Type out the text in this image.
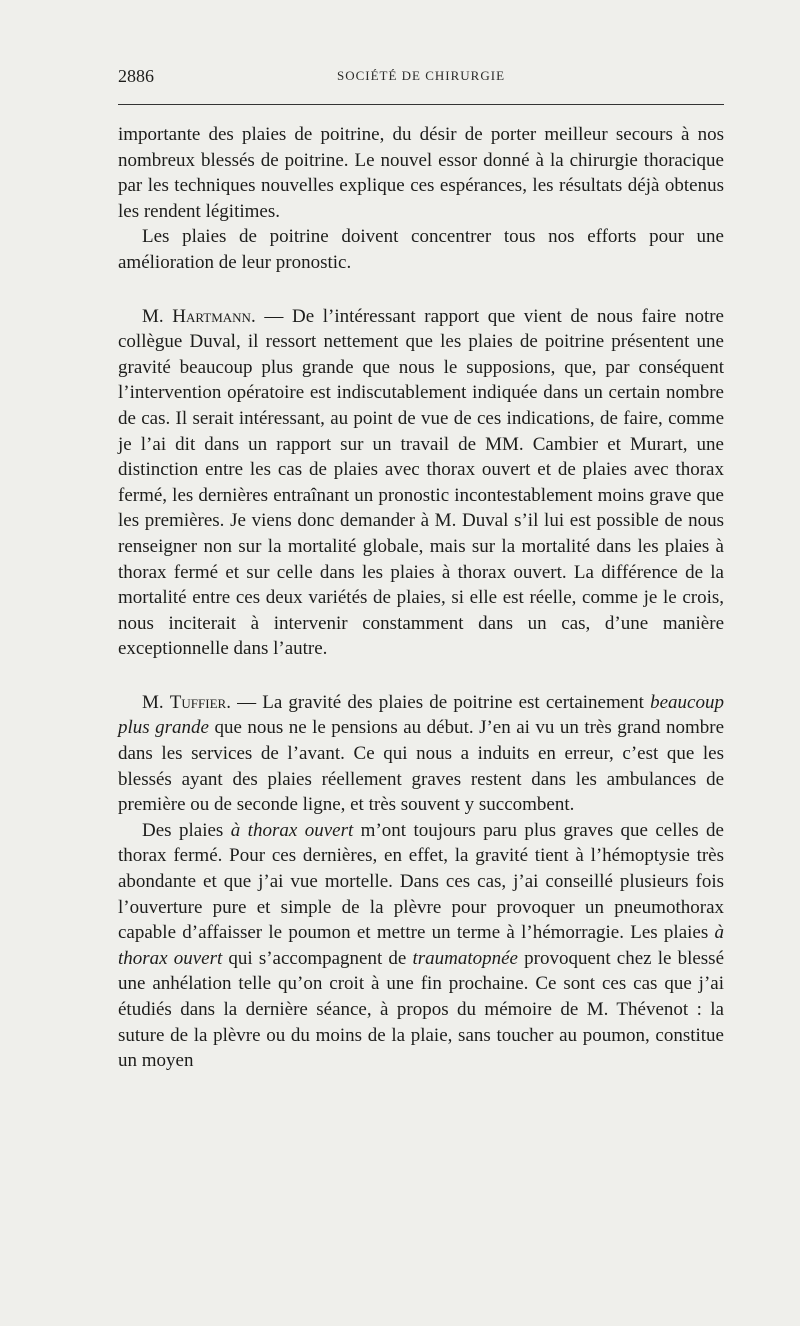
2886	SOCIÉTÉ DE CHIRURGIE

importante des plaies de poitrine, du désir de porter meilleur secours à nos nombreux blessés de poitrine. Le nouvel essor donné à la chirurgie thoracique par les techniques nouvelles explique ces espérances, les résultats déjà obtenus les rendent légitimes.

Les plaies de poitrine doivent concentrer tous nos efforts pour une amélioration de leur pronostic.

M. Hartmann. — De l’intéressant rapport que vient de nous faire notre collègue Duval, il ressort nettement que les plaies de poitrine présentent une gravité beaucoup plus grande que nous le supposions, que, par conséquent l’intervention opératoire est indiscutablement indiquée dans un certain nombre de cas. Il serait intéressant, au point de vue de ces indications, de faire, comme je l’ai dit dans un rapport sur un travail de MM. Cambier et Murart, une distinction entre les cas de plaies avec thorax ouvert et de plaies avec thorax fermé, les dernières entraînant un pronostic incontestablement moins grave que les premières. Je viens donc demander à M. Duval s’il lui est possible de nous renseigner non sur la mortalité globale, mais sur la mortalité dans les plaies à thorax fermé et sur celle dans les plaies à thorax ouvert. La différence de la mortalité entre ces deux variétés de plaies, si elle est réelle, comme je le crois, nous inciterait à intervenir constamment dans un cas, d’une manière exceptionnelle dans l’autre.

M. Tuffier. — La gravité des plaies de poitrine est certainement beaucoup plus grande que nous ne le pensions au début. J’en ai vu un très grand nombre dans les services de l’avant. Ce qui nous a induits en erreur, c’est que les blessés ayant des plaies réellement graves restent dans les ambulances de première ou de seconde ligne, et très souvent y succombent.

Des plaies à thorax ouvert m’ont toujours paru plus graves que celles de thorax fermé. Pour ces dernières, en effet, la gravité tient à l’hémoptysie très abondante et que j’ai vue mortelle. Dans ces cas, j’ai conseillé plusieurs fois l’ouverture pure et simple de la plèvre pour provoquer un pneumothorax capable d’affaisser le poumon et mettre un terme à l’hémorragie. Les plaies à thorax ouvert qui s’accompagnent de traumatopnée provoquent chez le blessé une anhélation telle qu’on croit à une fin prochaine. Ce sont ces cas que j’ai étudiés dans la dernière séance, à propos du mémoire de M. Thévenot : la suture de la plèvre ou du moins de la plaie, sans toucher au poumon, constitue un moyen
